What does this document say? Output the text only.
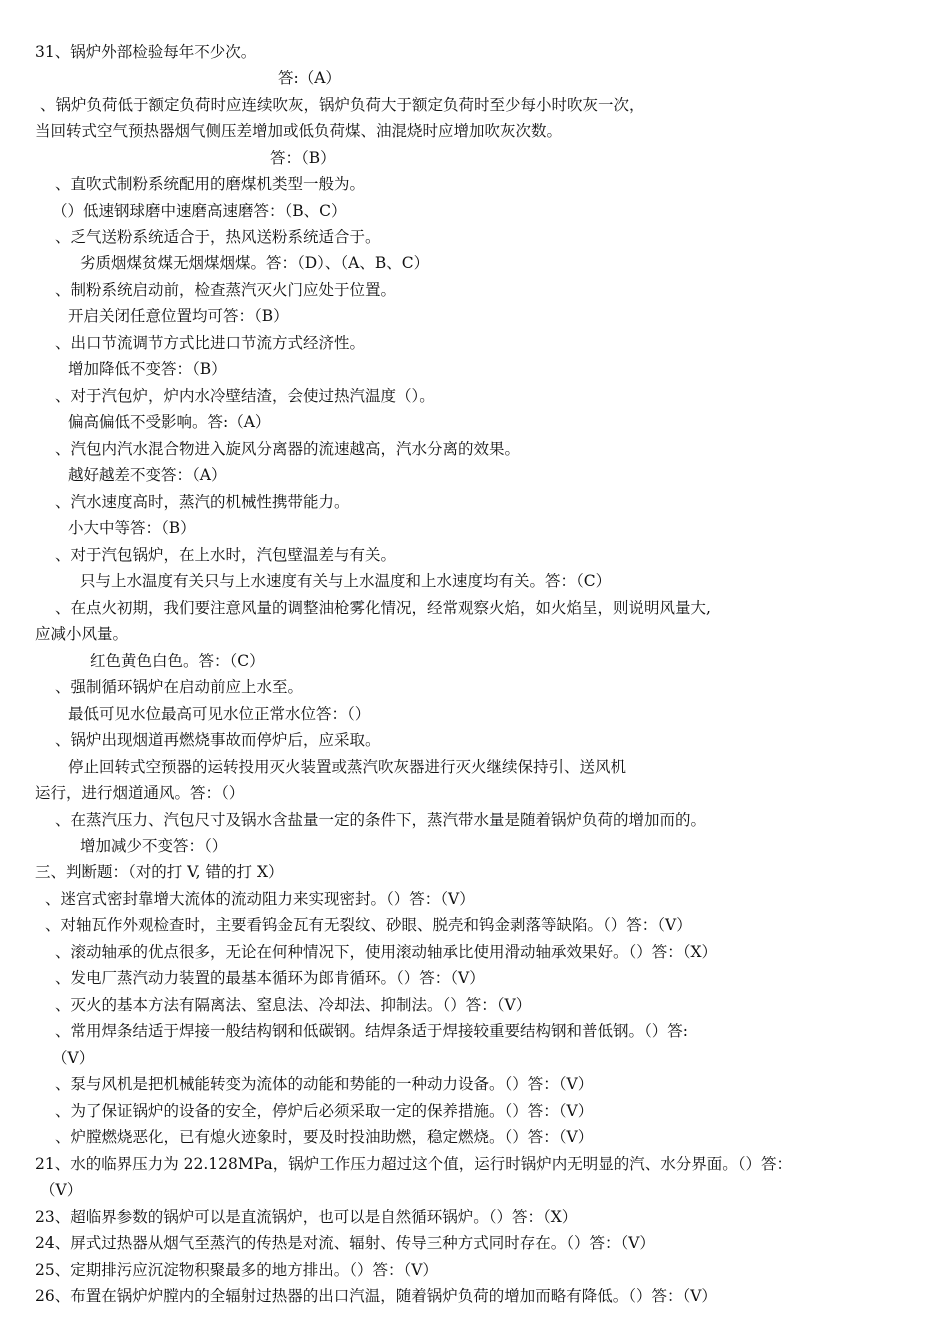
31、锅炉外部检验每年不少次。
答:（A）
、锅炉负荷低于额定负荷时应连续吹灰，锅炉负荷大于额定负荷时至少每小时吹灰一次，
当回转式空气预热器烟气侧压差增加或低负荷煤、油混烧时应增加吹灰次数。
答：（B）
、直吹式制粉系统配用的磨煤机类型一般为。
（）低速钢球磨中速磨高速磨答：（B、C）
、乏气送粉系统适合于，热风送粉系统适合于。
劣质烟煤贫煤无烟煤烟煤。答：（D）、（A、B、C）
、制粉系统启动前，检查蒸汽灭火门应处于位置。
开启关闭任意位置均可答：（B）
、出口节流调节方式比进口节流方式经济性。
增加降低不变答：（B）
、对于汽包炉，炉内水冷壁结渣，会使过热汽温度（）。
偏高偏低不受影响。答:（A）
、汽包内汽水混合物进入旋风分离器的流速越高，汽水分离的效果。
越好越差不变答：（A）
、汽水速度高时，蒸汽的机械性携带能力。
小大中等答：（B）
、对于汽包锅炉，在上水时，汽包壁温差与有关。
只与上水温度有关只与上水速度有关与上水温度和上水速度均有关。答：（C）
、在点火初期，我们要注意风量的调整油枪雾化情况，经常观察火焰，如火焰呈，则说明风量大,
应减小风量。
红色黄色白色。答：（C）
、强制循环锅炉在启动前应上水至。
最低可见水位最高可见水位正常水位答：（）
、锅炉出现烟道再燃烧事故而停炉后，应采取。
停止回转式空预器的运转投用灭火装置或蒸汽吹灰器进行灭火继续保持引、送风机
运行，进行烟道通风。答：（）
、在蒸汽压力、汽包尺寸及锅水含盐量一定的条件下，蒸汽带水量是随着锅炉负荷的增加而的。
增加减少不变答：（）
三、判断题：（对的打 V, 错的打 X）
、迷宫式密封靠增大流体的流动阻力来实现密封。（）答：（V）
、对轴瓦作外观检查时，主要看钨金瓦有无裂纹、砂眼、脱壳和钨金剥落等缺陷。（）答：（V）
、滚动轴承的优点很多，无论在何种情况下，使用滚动轴承比使用滑动轴承效果好。（）答：（X）
、发电厂蒸汽动力装置的最基本循环为郎肯循环。（）答：（V）
、灭火的基本方法有隔离法、窒息法、冷却法、抑制法。（）答：（V）
、常用焊条结适于焊接一般结构钢和低碳钢。结焊条适于焊接较重要结构钢和普低钢。（）答:
（V）
、泵与风机是把机械能转变为流体的动能和势能的一种动力设备。（）答：（V）
、为了保证锅炉的设备的安全，停炉后必须采取一定的保养措施。（）答：（V）
、炉膛燃烧恶化，已有熄火迹象时，要及时投油助燃，稳定燃烧。（）答：（V）
21、水的临界压力为 22.128MPa，锅炉工作压力超过这个值，运行时锅炉内无明显的汽、水分界面。（）答：
（V）
23、超临界参数的锅炉可以是直流锅炉，也可以是自然循环锅炉。（）答：（X）
24、屏式过热器从烟气至蒸汽的传热是对流、辐射、传导三种方式同时存在。（）答：（V）
25、定期排污应沉淀物积聚最多的地方排出。（）答：（V）
26、布置在锅炉炉膛内的全辐射过热器的出口汽温，随着锅炉负荷的增加而略有降低。（）答：（V）
